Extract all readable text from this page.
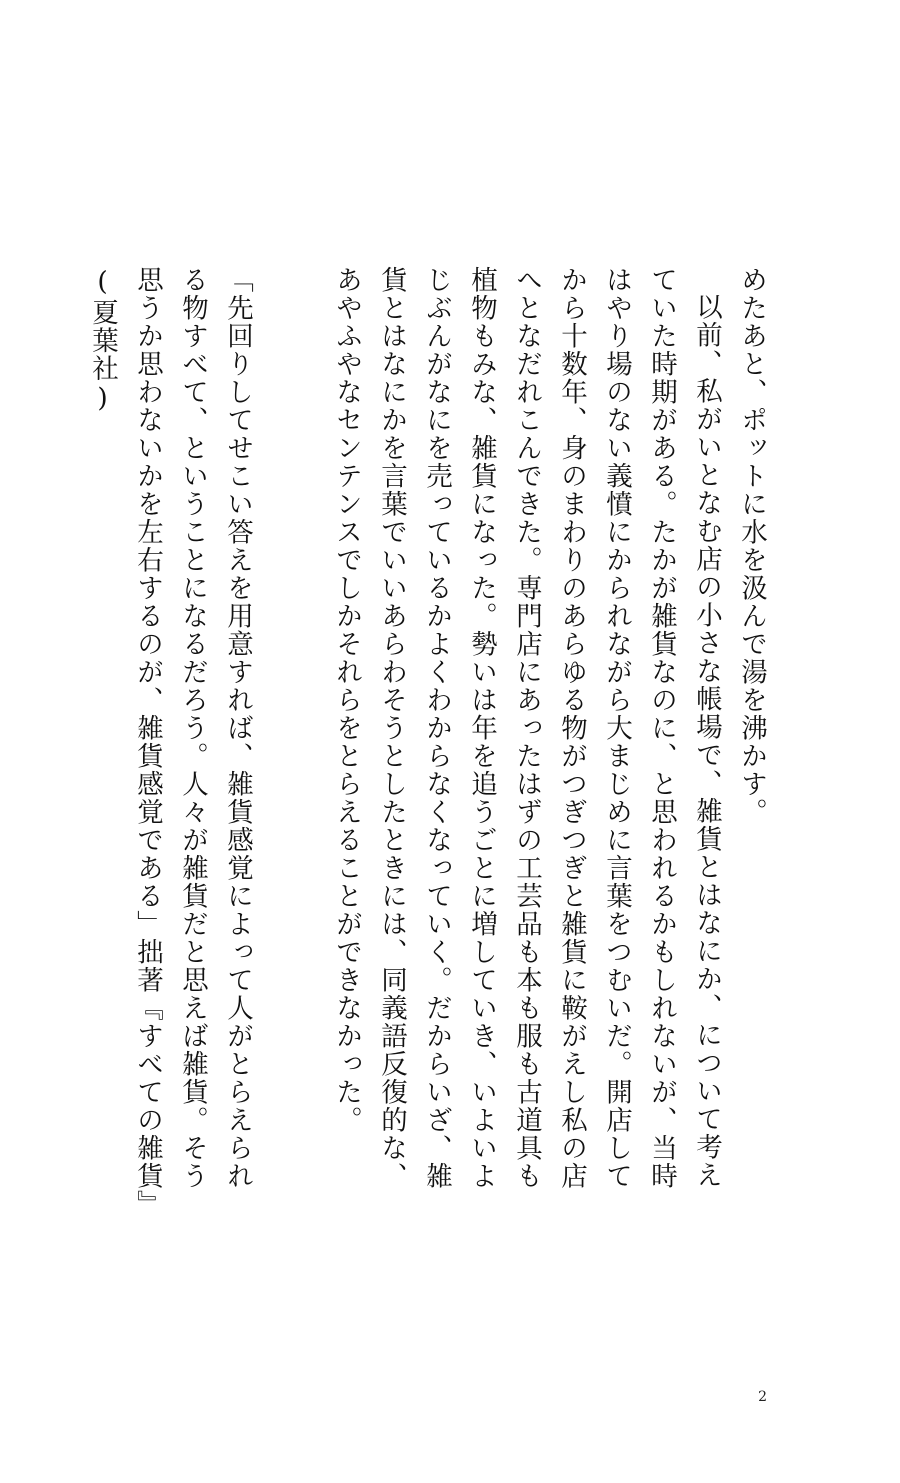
めたあと、ポットに水を汲んで湯を沸かす。

以前、私がいとなむ店の小さな帳場で、雑貨とはなにか、について考えていた時期がある。たかが雑貨なのに、と思われるかもしれないが、当時はやり場のない義憤にかられながら大まじめに言葉をつむいだ。開店してから十数年、身のまわりのあらゆる物がつぎつぎと雑貨に鞍がえし私の店へとなだれこんできた。専門店にあったはずの工芸品も本も服も古道具も植物もみな、雑貨になった。勢いは年を追うごとに増していき、いよいよじぶんがなにを売っているかよくわからなくなっていく。だからいざ、雑貨とはなにかを言葉でいいあらわそうとしたときには、同義語反復的な、あやふやなセンテンスでしかそれらをとらえることができなかった。

「先回りしてせこい答えを用意すれば、雑貨感覚によって人がとらえられる物すべて、ということになるだろう。人々が雑貨だと思えば雑貨。そう思うか思わないかを左右するのが、雑貨感覚である」拙著『すべての雑貨』(夏葉社)

2
